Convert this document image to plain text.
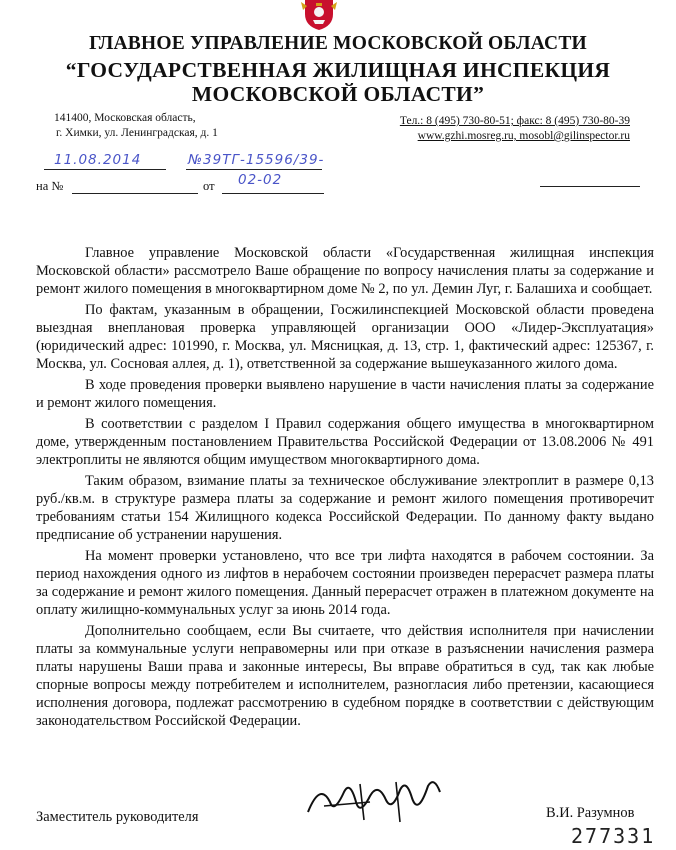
ГЛАВНОЕ УПРАВЛЕНИЕ МОСКОВСКОЙ ОБЛАСТИ
“ГОСУДАРСТВЕННАЯ ЖИЛИЩНАЯ ИНСПЕКЦИЯ
МОСКОВСКОЙ ОБЛАСТИ”
141400, Московская область,
г. Химки, ул. Ленинградская, д. 1
Тел.: 8 (495) 730-80-51; факс: 8 (495) 730-80-39
www.gzhi.mosreg.ru, mosobl@gilinspector.ru
11.08.2014	№39ТГ-15596/39-
на №	от 02-02

Главное управление Московской области «Государственная жилищная инспекция Московской области» рассмотрело Ваше обращение по вопросу начисления платы за содержание и ремонт жилого помещения в многоквартирном доме № 2, по ул. Демин Луг, г. Балашиха и сообщает.

По фактам, указанным в обращении, Госжилинспекцией Московской области проведена выездная внеплановая проверка управляющей организации ООО «Лидер-Эксплуатация» (юридический адрес: 101990, г. Москва, ул. Мясницкая, д. 13, стр. 1, фактический адрес: 125367, г. Москва, ул. Сосновая аллея, д. 1), ответственной за содержание вышеуказанного жилого дома.

В ходе проведения проверки выявлено нарушение в части начисления платы за содержание и ремонт жилого помещения.

В соответствии с разделом I Правил содержания общего имущества в многоквартирном доме, утвержденным постановлением Правительства Российской Федерации от 13.08.2006 № 491 электроплиты не являются общим имуществом многоквартирного дома.

Таким образом, взимание платы за техническое обслуживание электроплит в размере 0,13 руб./кв.м. в структуре размера платы за содержание и ремонт жилого помещения противоречит требованиям статьи 154 Жилищного кодекса Российской Федерации. По данному факту выдано предписание об устранении нарушения.

На момент проверки установлено, что все три лифта находятся в рабочем состоянии. За период нахождения одного из лифтов в нерабочем состоянии произведен перерасчет размера платы за содержание и ремонт жилого помещения. Данный перерасчет отражен в платежном документе на оплату жилищно-коммунальных услуг за июнь 2014 года.

Дополнительно сообщаем, если Вы считаете, что действия исполнителя при начислении платы за коммунальные услуги неправомерны или при отказе в разъяснении начисления размера платы нарушены Ваши права и законные интересы, Вы вправе обратиться в суд, так как любые спорные вопросы между потребителем и исполнителем, разногласия либо претензии, касающиеся исполнения договора, подлежат рассмотрению в судебном порядке в соответствии с действующим законодательством Российской Федерации.

Заместитель руководителя	В.И. Разумнов
277331
